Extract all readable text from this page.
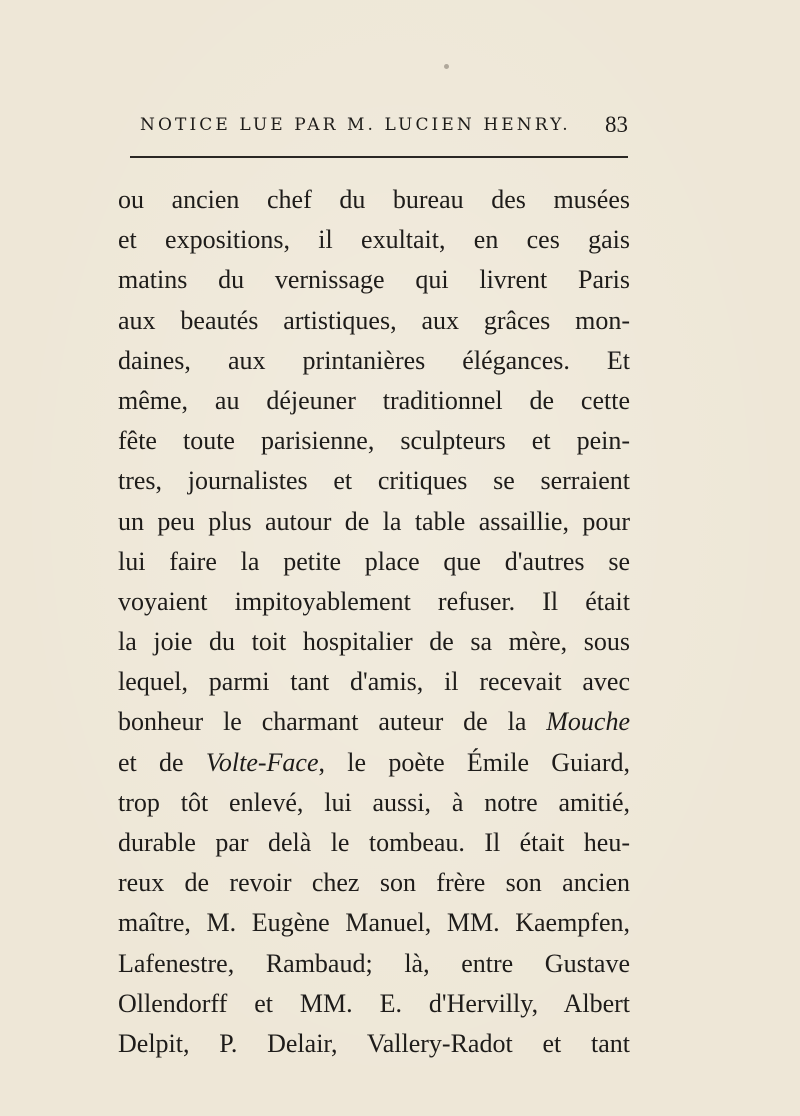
NOTICE LUE PAR M. LUCIEN HENRY. 83
ou ancien chef du bureau des musées
et expositions, il exultait, en ces gais
matins du vernissage qui livrent Paris
aux beautés artistiques, aux grâces mon-
daines, aux printanières élégances. Et
même, au déjeuner traditionnel de cette
fête toute parisienne, sculpteurs et pein-
tres, journalistes et critiques se serraient
un peu plus autour de la table assaillie, pour
lui faire la petite place que d'autres se
voyaient impitoyablement refuser. Il était
la joie du toit hospitalier de sa mère, sous
lequel, parmi tant d'amis, il recevait avec
bonheur le charmant auteur de la Mouche
et de Volte-Face, le poète Émile Guiard,
trop tôt enlevé, lui aussi, à notre amitié,
durable par delà le tombeau. Il était heu-
reux de revoir chez son frère son ancien
maître, M. Eugène Manuel, MM. Kaempfen,
Lafenestre, Rambaud; là, entre Gustave
Ollendorff et MM. E. d'Hervilly, Albert
Delpit, P. Delair, Vallery-Radot et tant
